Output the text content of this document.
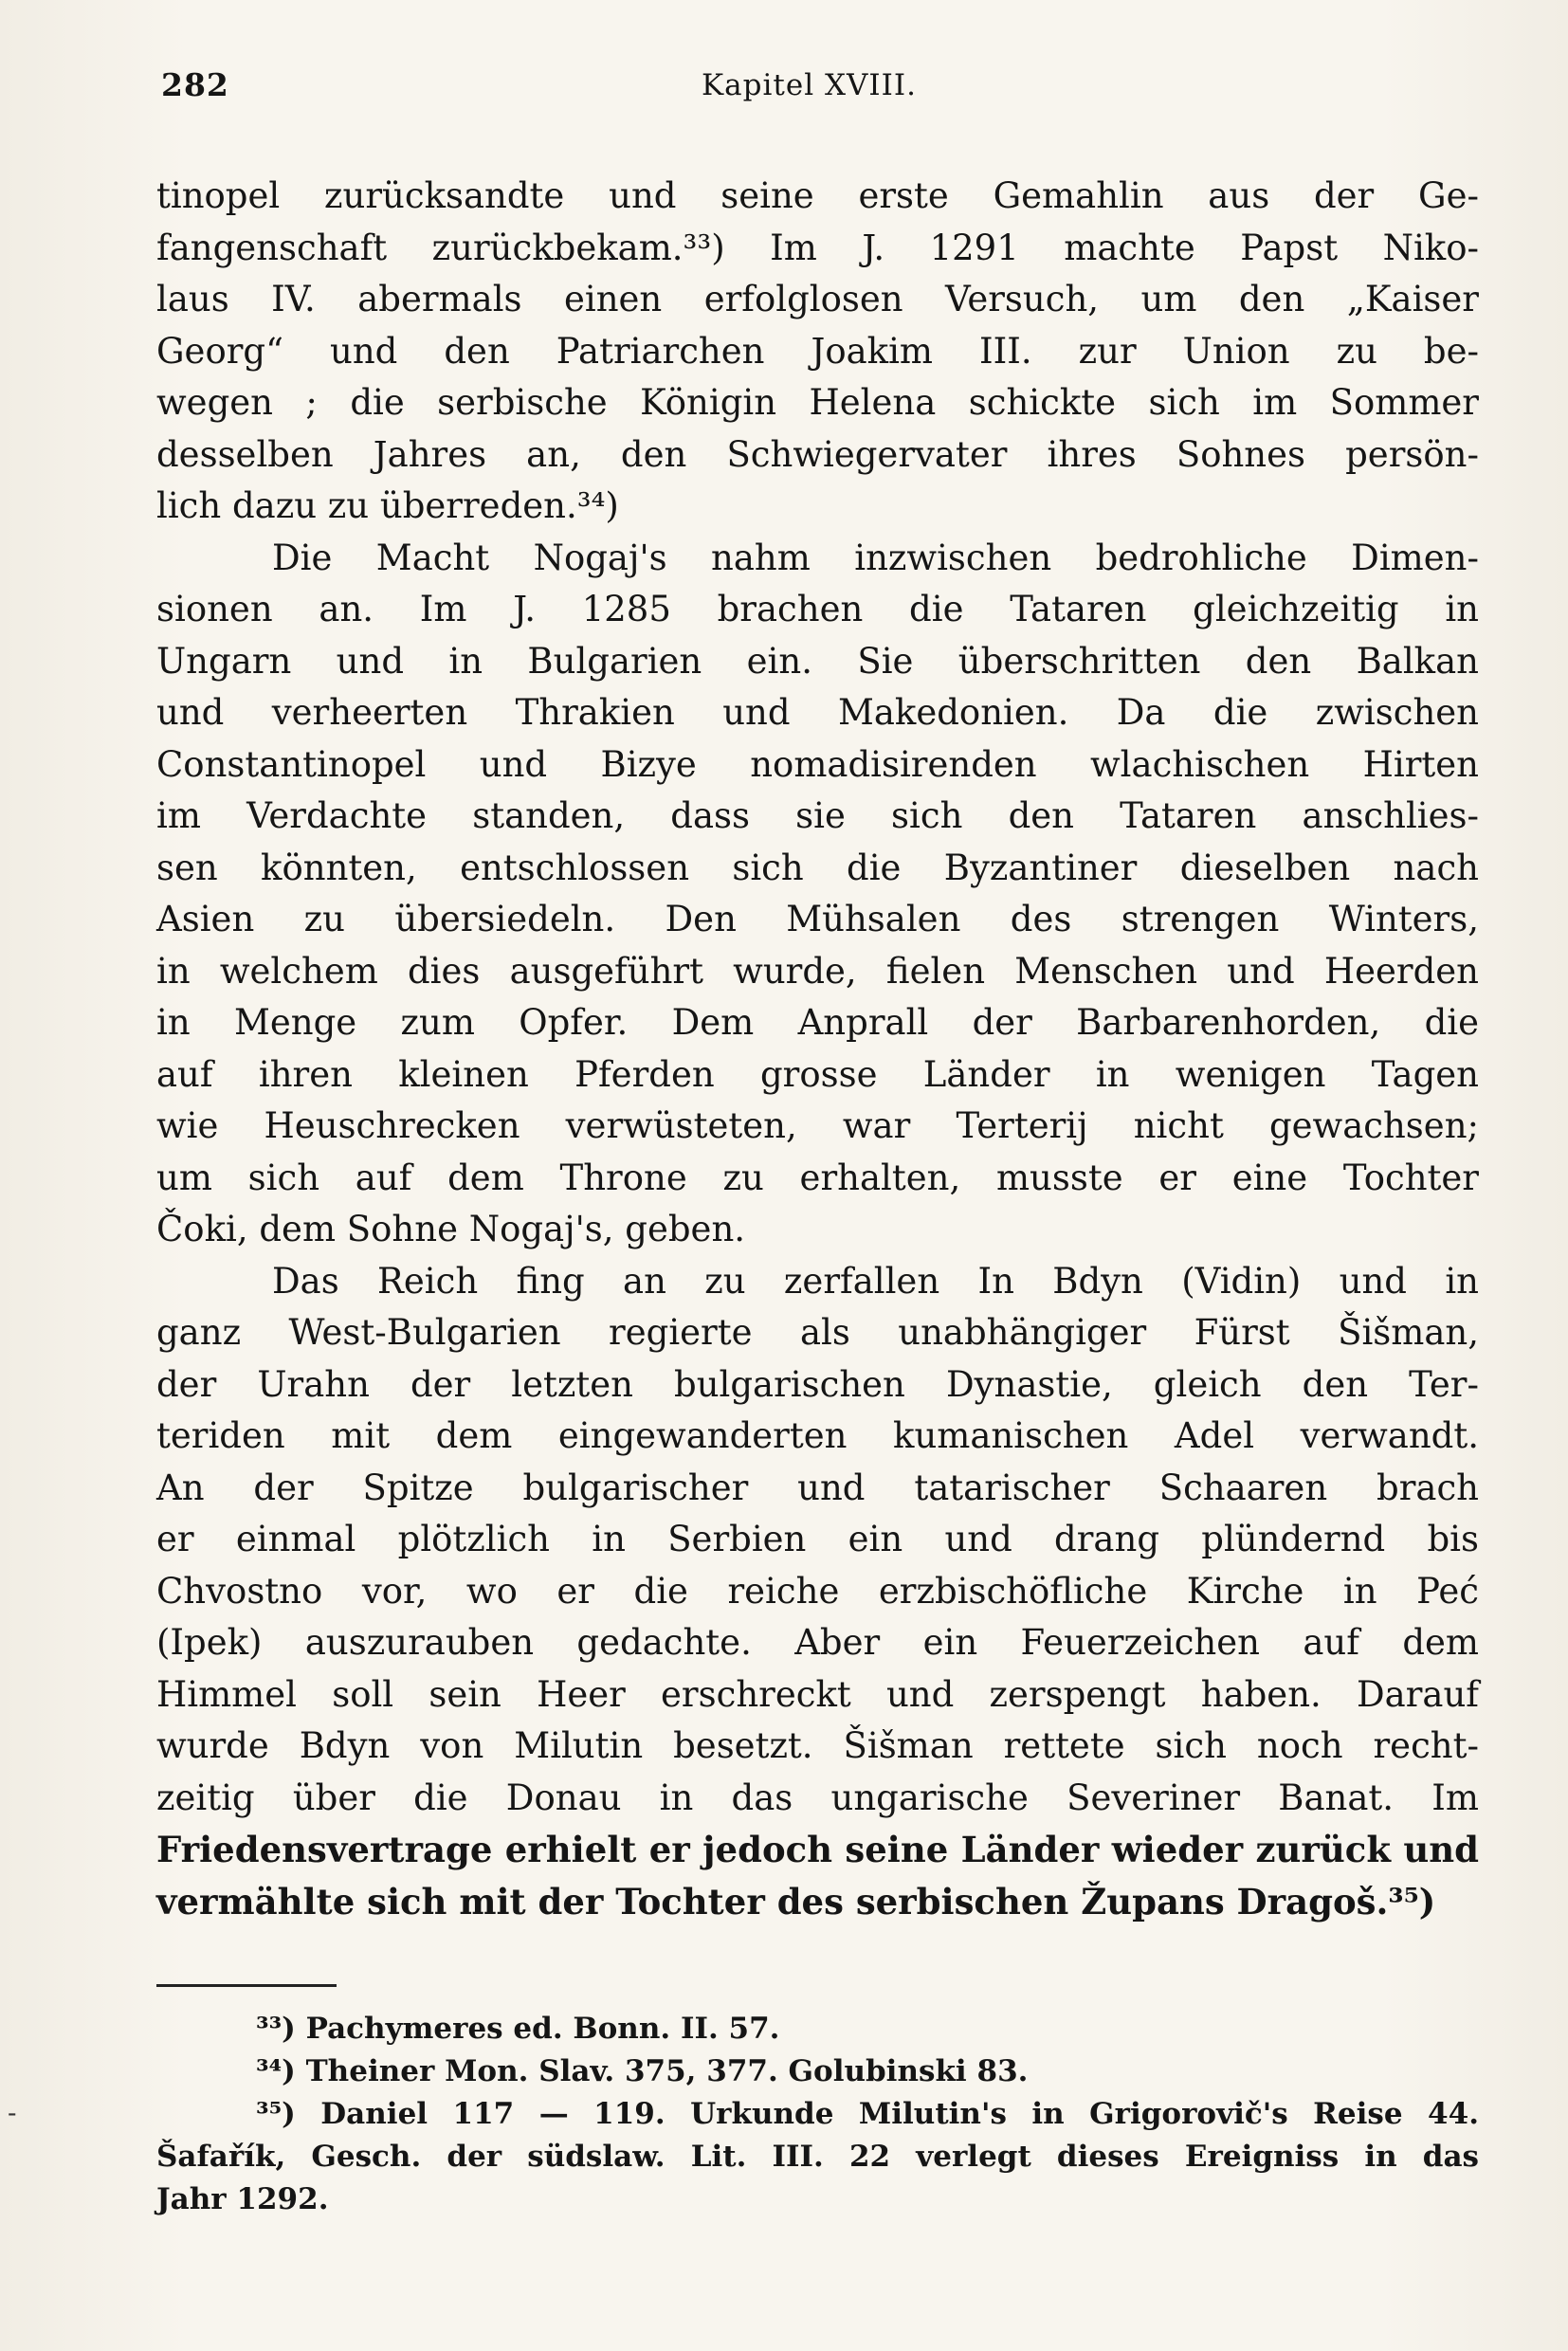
282	Kapitel XVIII.
tinopel zurücksandte und seine erste Gemahlin aus der Ge-
fangenschaft zurückbekam.³³) Im J. 1291 machte Papst Niko-
laus IV. abermals einen erfolglosen Versuch, um den „Kaiser
Georg“ und den Patriarchen Joakim III. zur Union zu be-
wegen ; die serbische Königin Helena schickte sich im Sommer
desselben Jahres an, den Schwiegervater ihres Sohnes persön-
lich dazu zu überreden.³⁴)
Die Macht Nogaj's nahm inzwischen bedrohliche Dimen-
sionen an. Im J. 1285 brachen die Tataren gleichzeitig in
Ungarn und in Bulgarien ein. Sie überschritten den Balkan
und verheerten Thrakien und Makedonien. Da die zwischen
Constantinopel und Bizye nomadisirenden wlachischen Hirten
im Verdachte standen, dass sie sich den Tataren anschlies-
sen könnten, entschlossen sich die Byzantiner dieselben nach
Asien zu übersiedeln. Den Mühsalen des strengen Winters,
in welchem dies ausgeführt wurde, fielen Menschen und Heerden
in Menge zum Opfer. Dem Anprall der Barbarenhorden, die
auf ihren kleinen Pferden grosse Länder in wenigen Tagen
wie Heuschrecken verwüsteten, war Terterij nicht gewachsen;
um sich auf dem Throne zu erhalten, musste er eine Tochter
Čoki, dem Sohne Nogaj's, geben.
Das Reich fing an zu zerfallen In Bdyn (Vidin) und in
ganz West-Bulgarien regierte als unabhängiger Fürst Šišman,
der Urahn der letzten bulgarischen Dynastie, gleich den Ter-
teriden mit dem eingewanderten kumanischen Adel verwandt.
An der Spitze bulgarischer und tatarischer Schaaren brach
er einmal plötzlich in Serbien ein und drang plündernd bis
Chvostno vor, wo er die reiche erzbischöfliche Kirche in Peć
(Ipek) auszurauben gedachte. Aber ein Feuerzeichen auf dem
Himmel soll sein Heer erschreckt und zerspengt haben. Darauf
wurde Bdyn von Milutin besetzt. Šišman rettete sich noch recht-
zeitig über die Donau in das ungarische Severiner Banat. Im
Friedensvertrage erhielt er jedoch seine Länder wieder zurück und
vermählte sich mit der Tochter des serbischen Župans Dragoš.³⁵)
³³) Pachymeres ed. Bonn. II. 57.
³⁴) Theiner Mon. Slav. 375, 377. Golubinski 83.
³⁵) Daniel 117 — 119. Urkunde Milutin's in Grigorovič's Reise 44.
Šafařík, Gesch. der südslaw. Lit. III. 22 verlegt dieses Ereigniss in das
Jahr 1292.
-
